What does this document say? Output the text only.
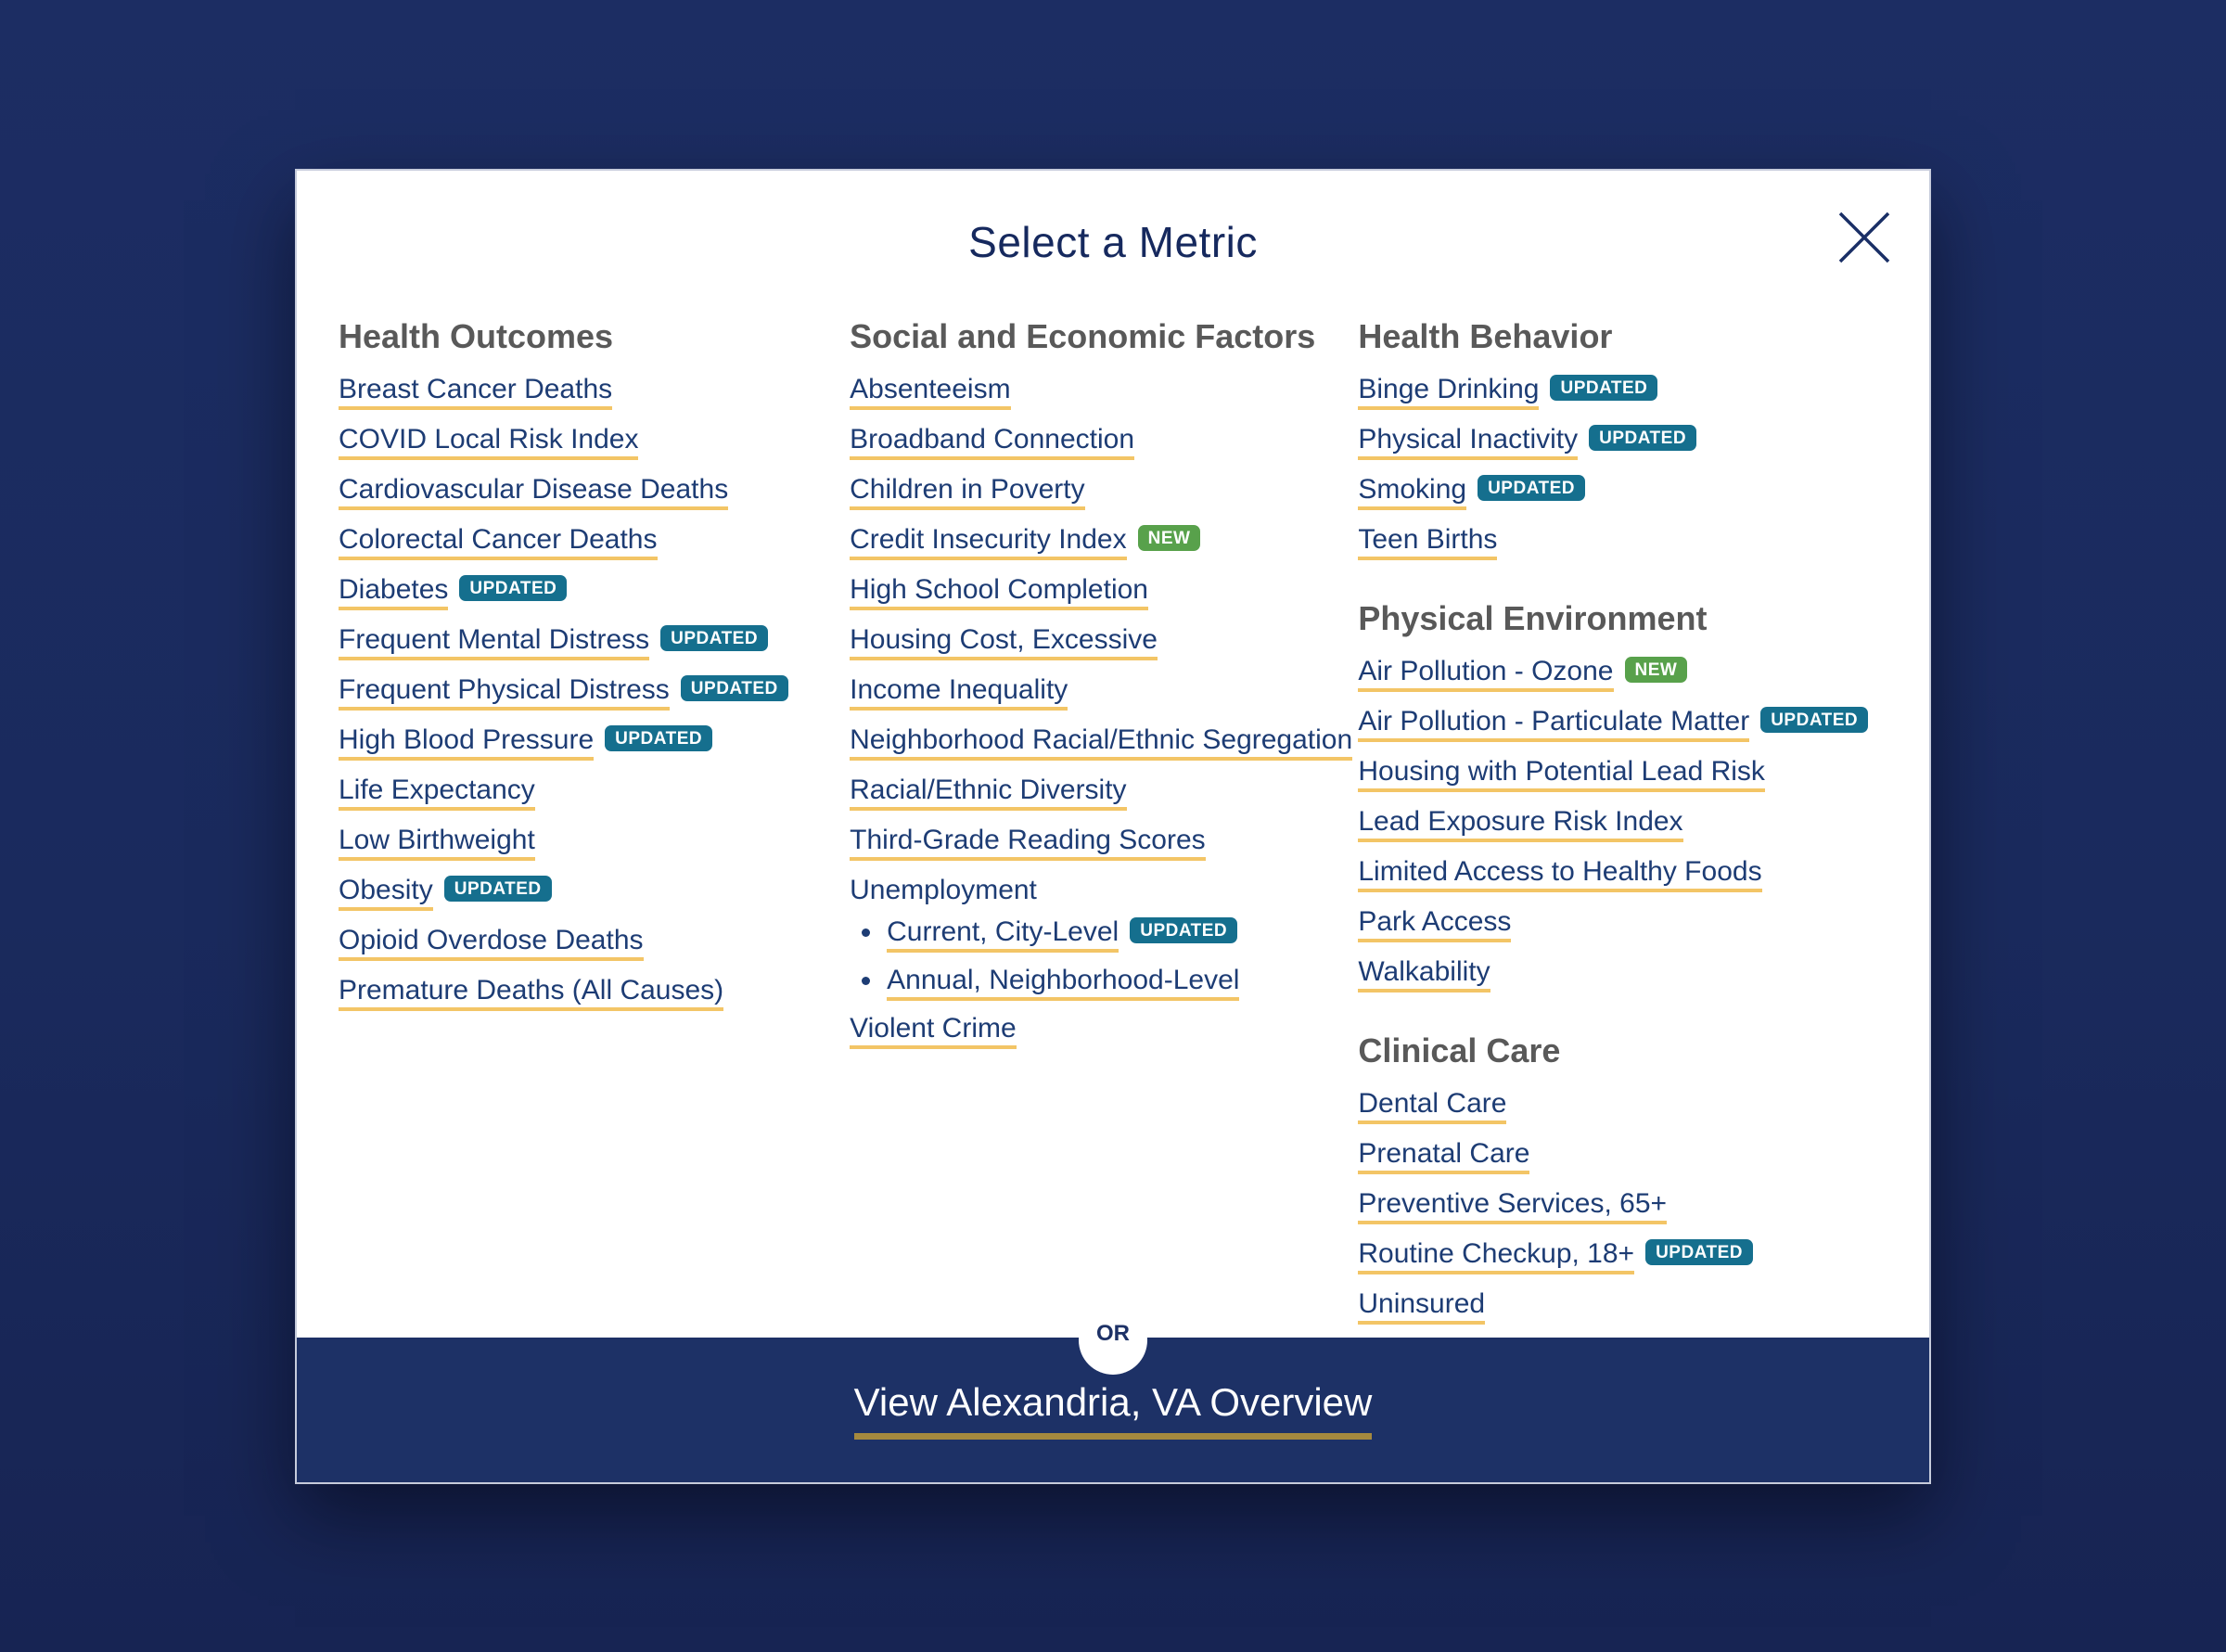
Select a Metric
Health Outcomes
Breast Cancer Deaths
COVID Local Risk Index
Cardiovascular Disease Deaths
Colorectal Cancer Deaths
Diabetes UPDATED
Frequent Mental Distress UPDATED
Frequent Physical Distress UPDATED
High Blood Pressure UPDATED
Life Expectancy
Low Birthweight
Obesity UPDATED
Opioid Overdose Deaths
Premature Deaths (All Causes)
Social and Economic Factors
Absenteeism
Broadband Connection
Children in Poverty
Credit Insecurity Index NEW
High School Completion
Housing Cost, Excessive
Income Inequality
Neighborhood Racial/Ethnic Segregation
Racial/Ethnic Diversity
Third-Grade Reading Scores
Unemployment
Current, City-Level UPDATED
Annual, Neighborhood-Level
Violent Crime
Health Behavior
Binge Drinking UPDATED
Physical Inactivity UPDATED
Smoking UPDATED
Teen Births
Physical Environment
Air Pollution - Ozone NEW
Air Pollution - Particulate Matter UPDATED
Housing with Potential Lead Risk
Lead Exposure Risk Index
Limited Access to Healthy Foods
Park Access
Walkability
Clinical Care
Dental Care
Prenatal Care
Preventive Services, 65+
Routine Checkup, 18+ UPDATED
Uninsured
OR
View Alexandria, VA Overview
